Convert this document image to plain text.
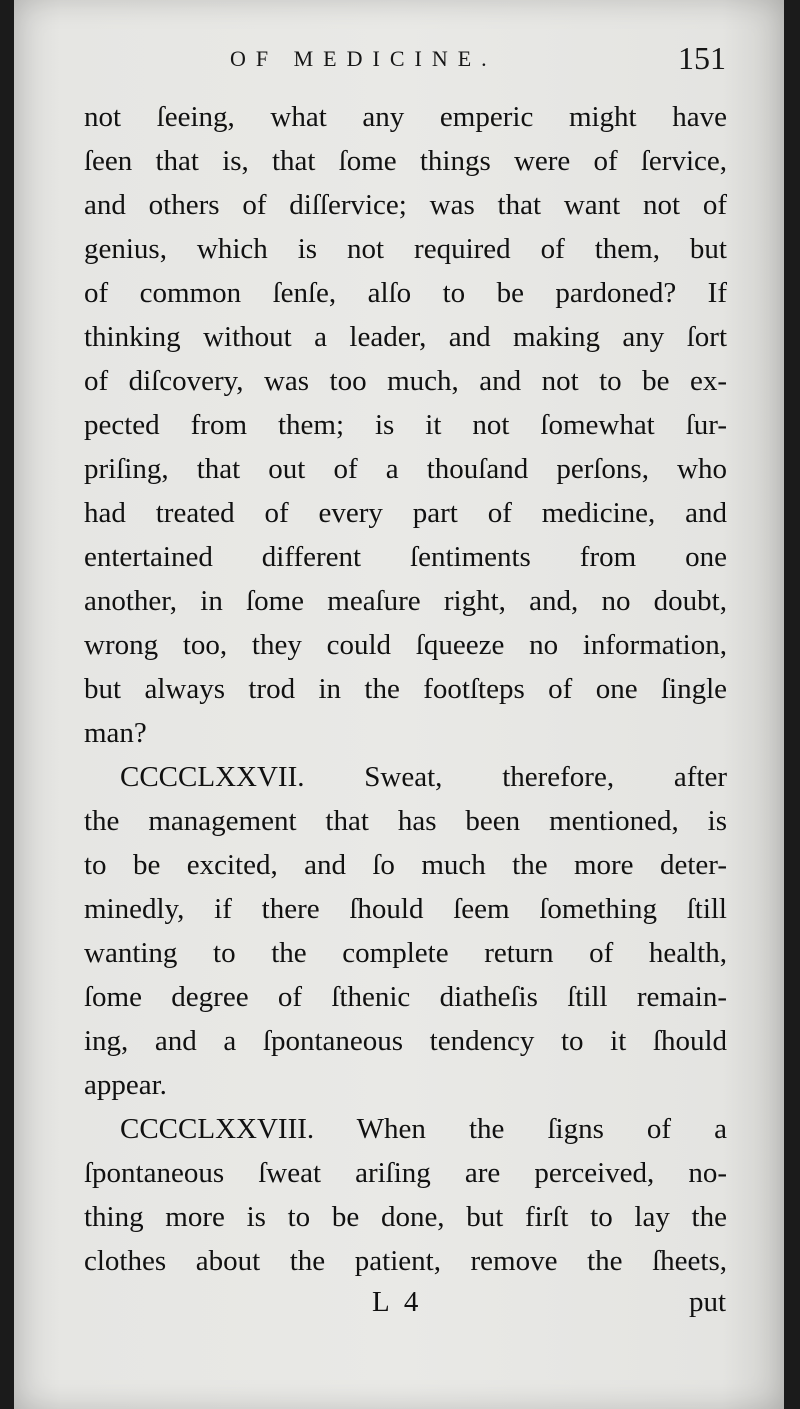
OF MEDICINE.	151
not ſeeing, what any emperic might have
ſeen that is, that ſome things were of ſervice,
and others of diſſervice; was that want not of
genius, which is not required of them, but
of common ſenſe, alſo to be pardoned? If
thinking without a leader, and making any ſort
of diſcovery, was too much, and not to be ex-
pected from them; is it not ſomewhat ſur-
priſing, that out of a thouſand perſons, who
had treated of every part of medicine, and
entertained different ſentiments from one
another, in ſome meaſure right, and, no doubt,
wrong too, they could ſqueeze no information,
but always trod in the footſteps of one ſingle
man?
CCCCLXXVII. Sweat, therefore, after
the management that has been mentioned, is
to be excited, and ſo much the more deter-
minedly, if there ſhould ſeem ſomething ſtill
wanting to the complete return of health,
ſome degree of ſthenic diatheſis ſtill remain-
ing, and a ſpontaneous tendency to it ſhould
appear.
CCCCLXXVIII. When the ſigns of a
ſpontaneous ſweat ariſing are perceived, no-
thing more is to be done, but firſt to lay the
clothes about the patient, remove the ſheets,
L 4	put
